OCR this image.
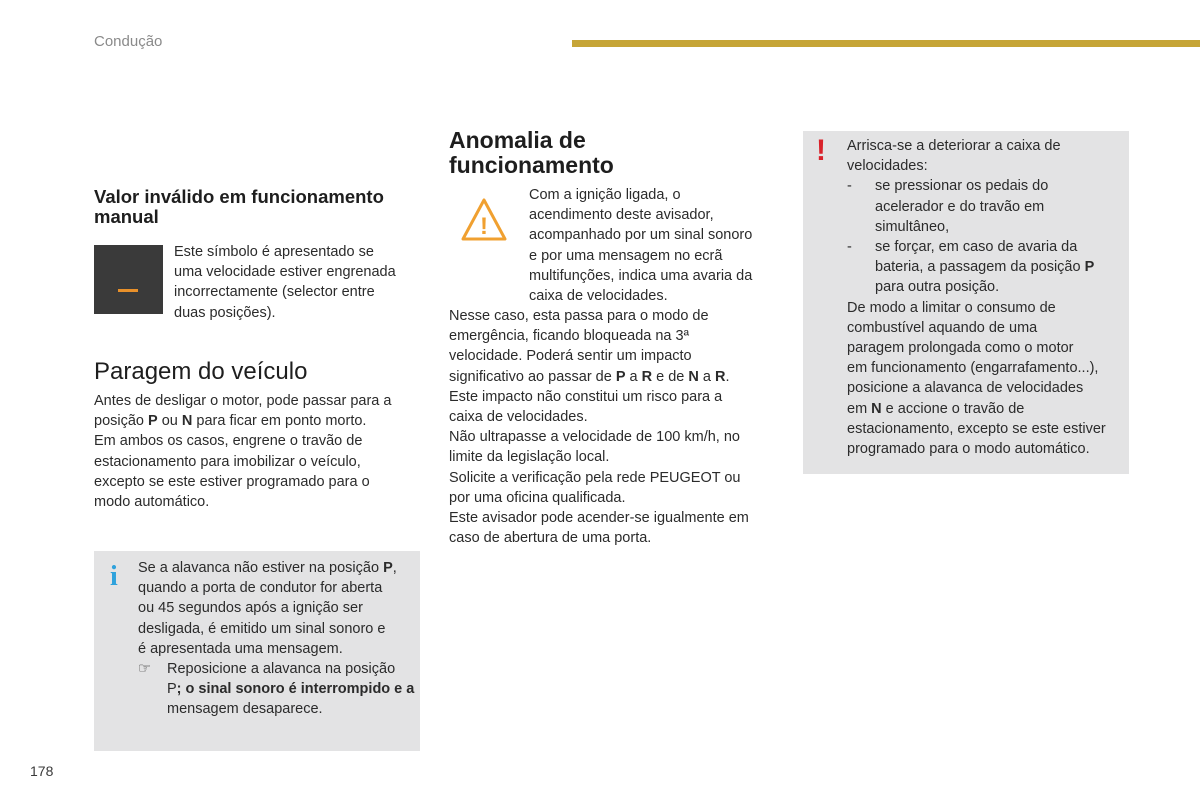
Condução
Valor inválido em funcionamento manual
Este símbolo é apresentado se
uma velocidade estiver engrenada
incorrectamente (selector entre
duas posições).
Paragem do veículo
Antes de desligar o motor, pode passar para a
posição P ou N para ficar em ponto morto.
Em ambos os casos, engrene o travão de
estacionamento para imobilizar o veículo,
excepto se este estiver programado para o
modo automático.
i Se a alavanca não estiver na posição P,
quando a porta de condutor for aberta
ou 45 segundos após a ignição ser
desligada, é emitido um sinal sonoro e
é apresentada uma mensagem.
☞ Reposicione a alavanca na posição
P; o sinal sonoro é interrompido e a
mensagem desaparece.
Anomalia de
funcionamento
!
Com a ignição ligada, o
acendimento deste avisador,
acompanhado por um sinal sonoro
e por uma mensagem no ecrã
multifunções, indica uma avaria da
caixa de velocidades.
Nesse caso, esta passa para o modo de
emergência, ficando bloqueada na 3ª
velocidade. Poderá sentir um impacto
significativo ao passar de P a R e de N a R.
Este impacto não constitui um risco para a
caixa de velocidades.
Não ultrapasse a velocidade de 100 km/h, no
limite da legislação local.
Solicite a verificação pela rede PEUGEOT ou
por uma oficina qualificada.
Este avisador pode acender-se igualmente em
caso de abertura de uma porta.
! Arrisca-se a deteriorar a caixa de
velocidades:
- se pressionar os pedais do
acelerador e do travão em
simultâneo,
- se forçar, em caso de avaria da
bateria, a passagem da posição P
para outra posição.
De modo a limitar o consumo de
combustível aquando de uma
paragem prolongada como o motor
em funcionamento (engarrafamento...),
posicione a alavanca de velocidades
em N e accione o travão de
estacionamento, excepto se este estiver
programado para o modo automático.
178
